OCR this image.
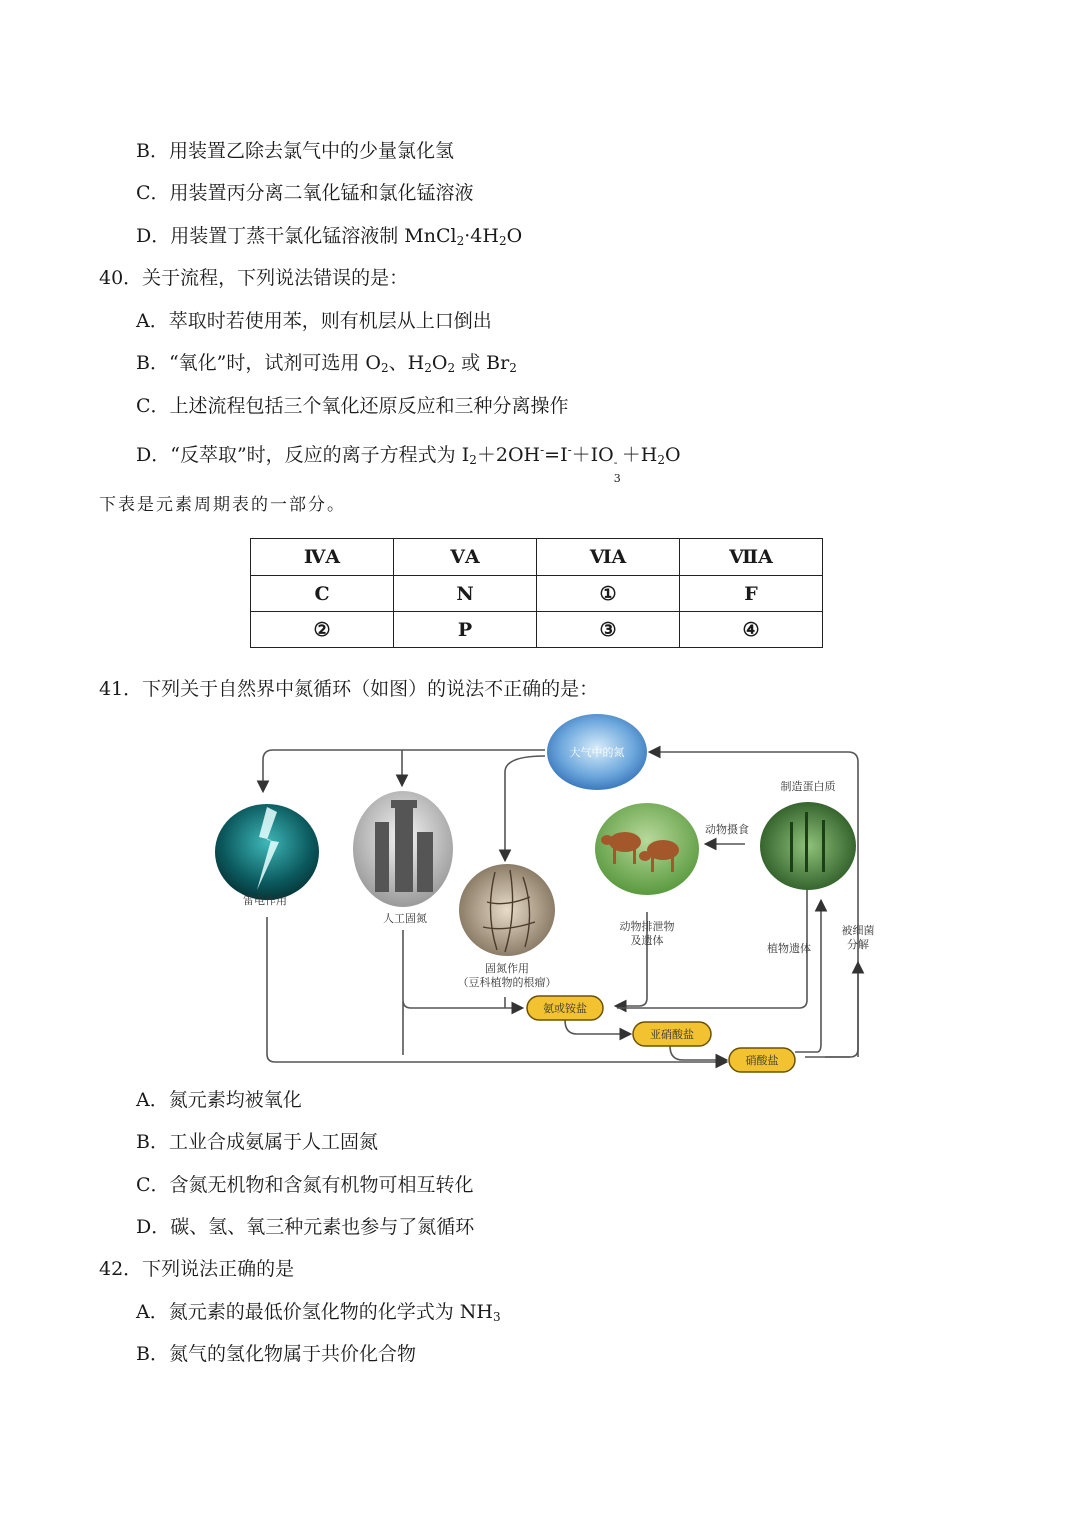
B．用装置乙除去氯气中的少量氯化氢
C．用装置丙分离二氧化锰和氯化锰溶液
D．用装置丁蒸干氯化锰溶液制 $MnCl_2\cdot 4H_2O$
40．关于流程，下列说法错误的是：
A．萃取时若使用苯，则有机层从上口倒出
B．“氧化”时，试剂可选用 $O_2$、$H_2O_2$ 或 $Br_2$
C．上述流程包括三个氧化还原反应和三种分离操作
D．“反萃取”时，反应的离子方程式为 $I_2+2OH^-=I^-+IO$ -
3
$+H_2O$
下表是元素周期表的一部分。
ⅣA	ⅤA	ⅥA	ⅦA
C	N	①	F
②	P	③	④
41．下列关于自然界中氮循环（如图）的说法不正确的是：
大气中的氮
雷电作用
人工固氮
固氮作用
（豆科植物的根瘤）
动物排泄物
及遗体
动物摄食
制造蛋白质
植物遗体
被细菌
分解
氨或铵盐
亚硝酸盐
硝酸盐
A．氮元素均被氧化
B．工业合成氨属于人工固氮
C．含氮无机物和含氮有机物可相互转化
D．碳、氢、氧三种元素也参与了氮循环
42．下列说法正确的是
A．氮元素的最低价氢化物的化学式为 $NH_3$
B．氮气的氢化物属于共价化合物
